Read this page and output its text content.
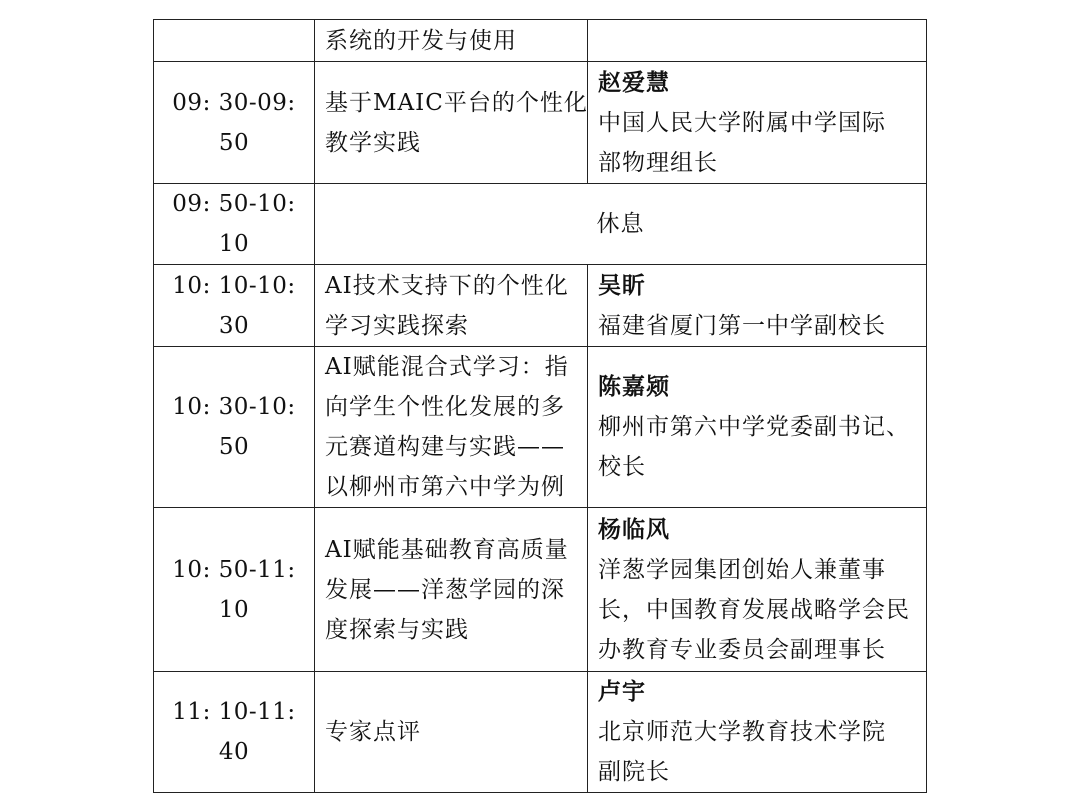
	系统的开发与使用	

09: 30-09: 50	基于MAIC平台的个性化
教学实践	赵爱慧
中国人民大学附属中学国际
部物理组长

09: 50-10: 10	休息	
10: 10-10: 30	AI技术支持下的个性化
学习实践探索	吴盺
福建省厦门第一中学副校长

10: 30-10: 50	AI赋能混合式学习：指
向学生个性化发展的多
元赛道构建与实践——
以柳州市第六中学为例	陈嘉颎
柳州市第六中学党委副书记、
校长

10: 50-11: 10	AI赋能基础教育高质量
发展——洋葱学园的深
度探索与实践	杨临风
洋葱学园集团创始人兼董事
长，中国教育发展战略学会民
办教育专业委员会副理事长

11: 10-11: 40	专家点评	卢宇
北京师范大学教育技术学院
副院长
